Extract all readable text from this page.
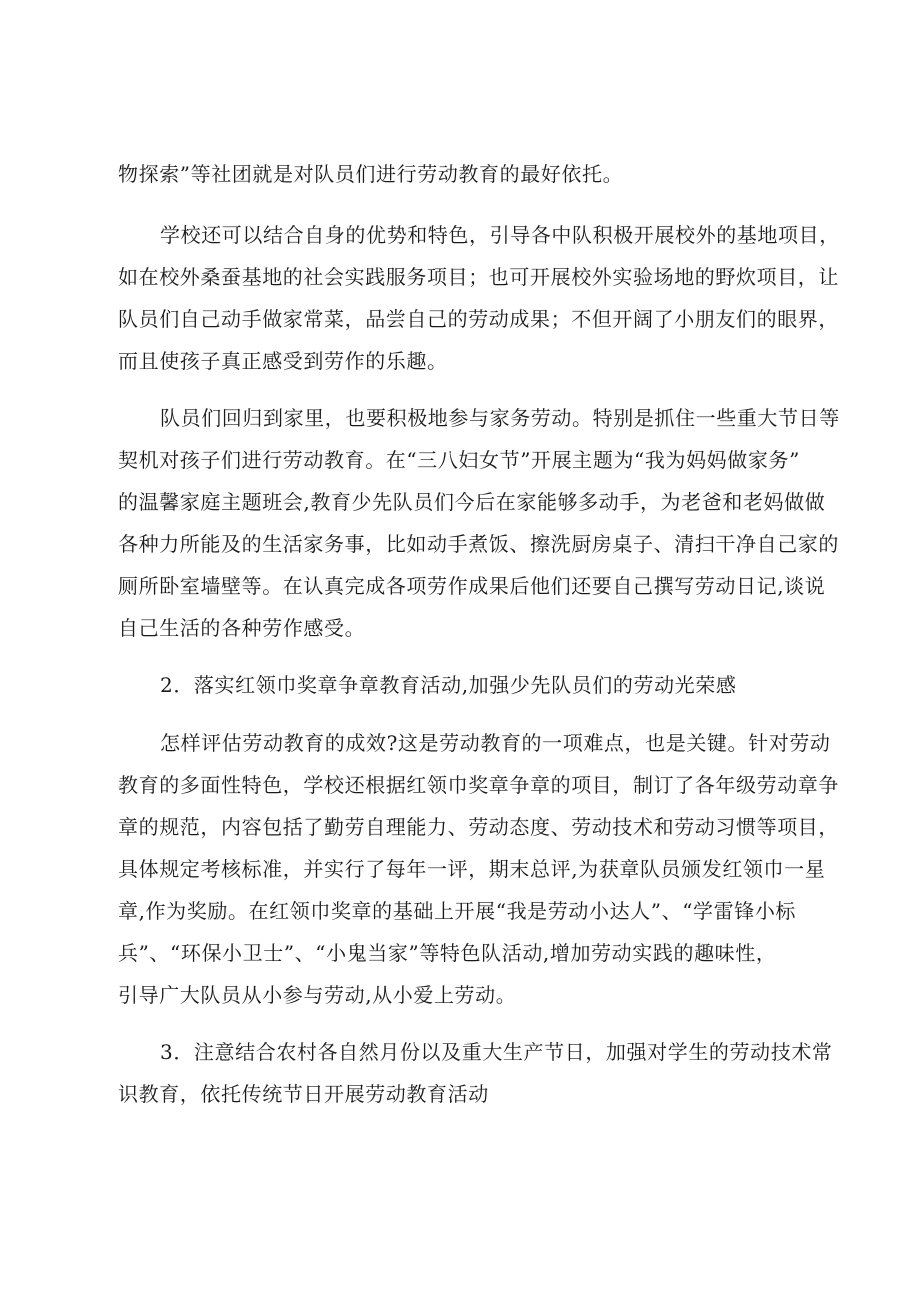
物探索”等社团就是对队员们进行劳动教育的最好依托。
学校还可以结合自身的优势和特色，引导各中队积极开展校外的基地项目，
如在校外桑蚕基地的社会实践服务项目；也可开展校外实验场地的野炊项目，让
队员们自己动手做家常菜，品尝自己的劳动成果；不但开阔了小朋友们的眼界，
而且使孩子真正感受到劳作的乐趣。
队员们回归到家里，也要积极地参与家务劳动。特别是抓住一些重大节日等
契机对孩子们进行劳动教育。在“三八妇女节”开展主题为“我为妈妈做家务”
的温馨家庭主题班会,教育少先队员们今后在家能够多动手，为老爸和老妈做做
各种力所能及的生活家务事，比如动手煮饭、擦洗厨房桌子、清扫干净自己家的
厕所卧室墙壁等。在认真完成各项劳作成果后他们还要自己撰写劳动日记,谈说
自己生活的各种劳作感受。
2．落实红领巾奖章争章教育活动,加强少先队员们的劳动光荣感
怎样评估劳动教育的成效?这是劳动教育的一项难点，也是关键。针对劳动
教育的多面性特色，学校还根据红领巾奖章争章的项目，制订了各年级劳动章争
章的规范，内容包括了勤劳自理能力、劳动态度、劳动技术和劳动习惯等项目，
具体规定考核标准，并实行了每年一评，期末总评,为获章队员颁发红领巾一星
章,作为奖励。在红领巾奖章的基础上开展“我是劳动小达人”、“学雷锋小标
兵”、“环保小卫士”、“小鬼当家”等特色队活动,增加劳动实践的趣味性，
引导广大队员从小参与劳动,从小爱上劳动。
3．注意结合农村各自然月份以及重大生产节日，加强对学生的劳动技术常
识教育，依托传统节日开展劳动教育活动
